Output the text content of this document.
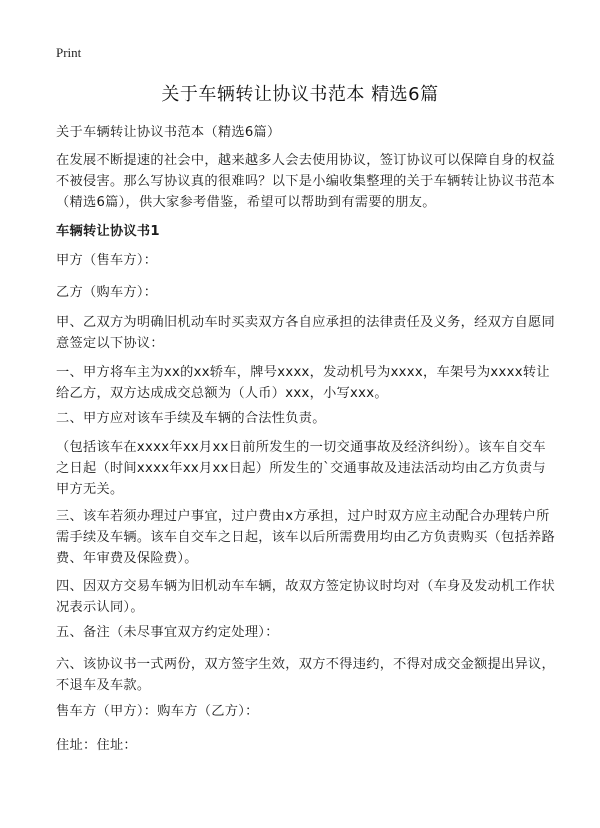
Print
关于车辆转让协议书范本 精选6篇
关于车辆转让协议书范本（精选6篇）
在发展不断提速的社会中，越来越多人会去使用协议，签订协议可以保障自身的权益不被侵害。那么写协议真的很难吗？以下是小编收集整理的关于车辆转让协议书范本（精选6篇），供大家参考借鉴，希望可以帮助到有需要的朋友。
车辆转让协议书1
甲方（售车方）：
乙方（购车方）：
甲、乙双方为明确旧机动车时买卖双方各自应承担的法律责任及义务，经双方自愿同意签定以下协议：
一、甲方将车主为xx的xx轿车，牌号xxxx，发动机号为xxxx，车架号为xxxx转让给乙方，双方达成成交总额为（人币）xxx，小写xxx。
二、甲方应对该车手续及车辆的合法性负责。
（包括该车在xxxx年xx月xx日前所发生的一切交通事故及经济纠纷）。该车自交车之日起（时间xxxx年xx月xx日起）所发生的`交通事故及违法活动均由乙方负责与甲方无关。
三、该车若须办理过户事宜，过户费由x方承担，过户时双方应主动配合办理转户所需手续及车辆。该车自交车之日起，该车以后所需费用均由乙方负责购买（包括养路费、年审费及保险费）。
四、因双方交易车辆为旧机动车车辆，故双方签定协议时均对（车身及发动机工作状况表示认同）。
五、备注（未尽事宜双方约定处理）：
六、该协议书一式两份，双方签字生效，双方不得违约，不得对成交金额提出异议，不退车及车款。
售车方（甲方）：购车方（乙方）：
住址：住址：
